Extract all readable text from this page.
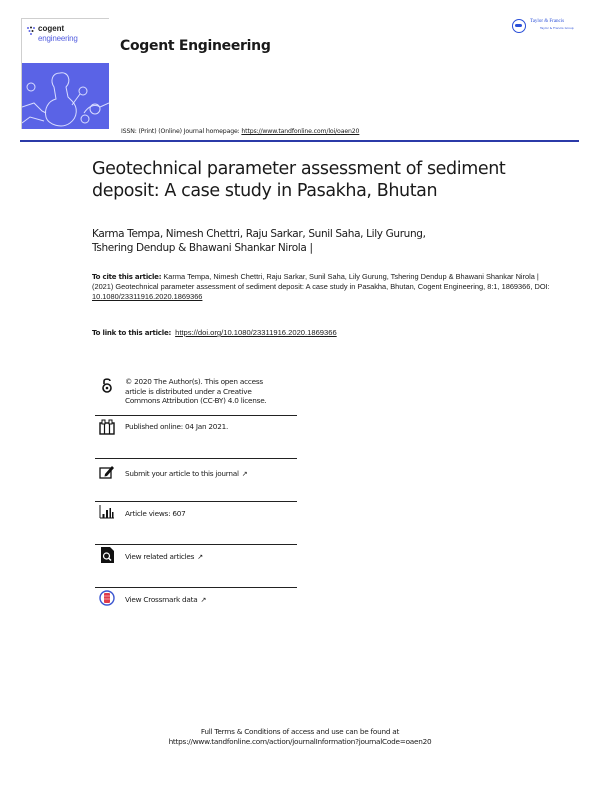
cogent
engineering	Cogent Engineering
Taylor & Francis
Taylor & Francis Group
ISSN: (Print) (Online) Journal homepage: https://www.tandfonline.com/loi/oaen20
Geotechnical parameter assessment of sediment
deposit: A case study in Pasakha, Bhutan
Karma Tempa, Nimesh Chettri, Raju Sarkar, Sunil Saha, Lily Gurung,
Tshering Dendup & Bhawani Shankar Nirola |
To cite this article: Karma Tempa, Nimesh Chettri, Raju Sarkar, Sunil Saha, Lily Gurung, Tshering Dendup & Bhawani Shankar Nirola | (2021) Geotechnical parameter assessment of sediment deposit: A case study in Pasakha, Bhutan, Cogent Engineering, 8:1, 1869366, DOI: 10.1080/23311916.2020.1869366
To link to this article: https://doi.org/10.1080/23311916.2020.1869366
© 2020 The Author(s). This open access
article is distributed under a Creative
Commons Attribution (CC-BY) 4.0 license.
Published online: 04 Jan 2021.
Submit your article to this journal ↗
Article views: 607
View related articles ↗
View Crossmark data ↗
Full Terms & Conditions of access and use can be found at
https://www.tandfonline.com/action/journalInformation?journalCode=oaen20
